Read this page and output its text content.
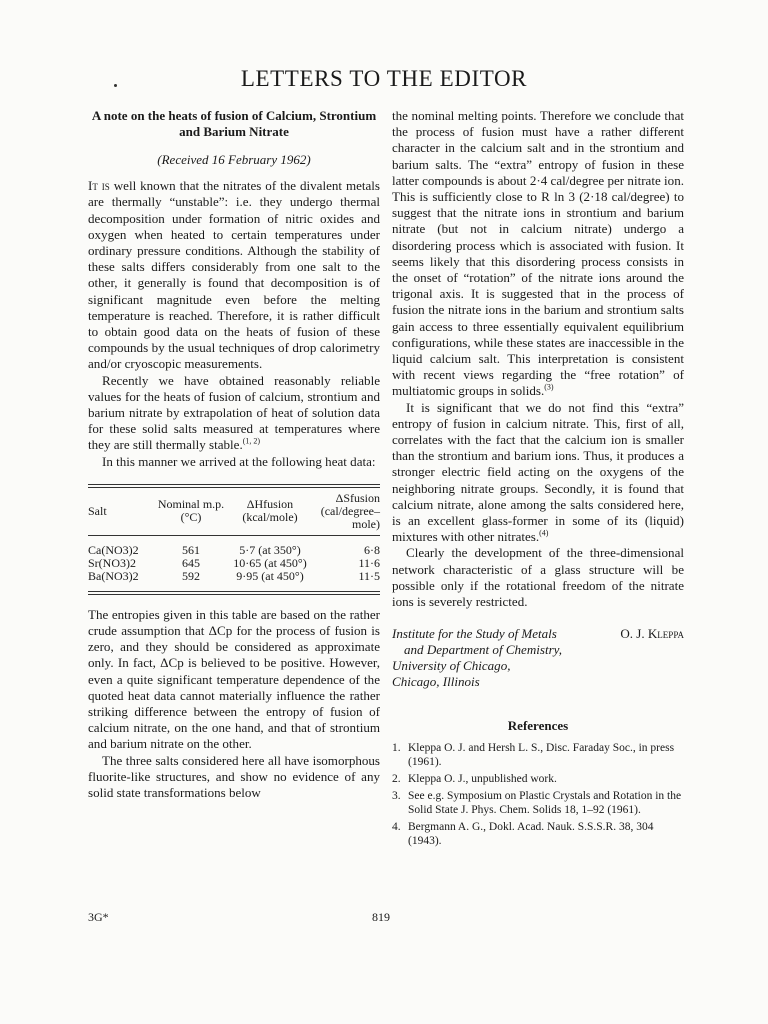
LETTERS TO THE EDITOR
A note on the heats of fusion of Calcium, Strontium and Barium Nitrate
(Received 16 February 1962)

It is well known that the nitrates of the divalent metals are thermally “unstable”: i.e. they undergo thermal decomposition under formation of nitric oxides and oxygen when heated to certain temperatures under ordinary pressure conditions. Although the stability of these salts differs considerably from one salt to the other, it generally is found that decomposition is of significant magnitude even before the melting temperature is reached. Therefore, it is rather difficult to obtain good data on the heats of fusion of these compounds by the usual techniques of drop calorimetry and/or cryoscopic measurements.

Recently we have obtained reasonably reliable values for the heats of fusion of calcium, strontium and barium nitrate by extrapolation of heat of solution data for these solid salts measured at temperatures where they are still thermally stable.$^{(1, 2)}$

In this manner we arrived at the following heat data:

Salt	Nominal m.p. (°C)	ΔHfusion (kcal/mole)	ΔSfusion (cal/degree–mole)

Ca(NO3)2	561	5·7 (at 350°)	6·8
Sr(NO3)2	645	10·65 (at 450°)	11·6
Ba(NO3)2	592	9·95 (at 450°)	11·5

The entropies given in this table are based on the rather crude assumption that ΔCp for the process of fusion is zero, and they should be considered as approximate only. In fact, ΔCp is believed to be positive. However, even a quite significant temperature dependence of the quoted heat data cannot materially influence the rather striking difference between the entropy of fusion of calcium nitrate, on the one hand, and that of strontium and barium nitrate on the other.

The three salts considered here all have isomorphous fluorite-like structures, and show no evidence of any solid state transformations below

the nominal melting points. Therefore we conclude that the process of fusion must have a rather different character in the calcium salt and in the strontium and barium salts. The “extra” entropy of fusion in these latter compounds is about 2·4 cal/degree per nitrate ion. This is sufficiently close to R ln 3 (2·18 cal/degree) to suggest that the nitrate ions in strontium and barium nitrate (but not in calcium nitrate) undergo a disordering process which is associated with fusion. It seems likely that this disordering process consists in the onset of “rotation” of the nitrate ions around the trigonal axis. It is suggested that in the process of fusion the nitrate ions in the barium and strontium salts gain access to three essentially equivalent equilibrium configurations, while these states are inaccessible in the liquid calcium salt. This interpretation is consistent with recent views regarding the “free rotation” of multiatomic groups in solids.$^{(3)}$

It is significant that we do not find this “extra” entropy of fusion in calcium nitrate. This, first of all, correlates with the fact that the calcium ion is smaller than the strontium and barium ions. Thus, it produces a stronger electric field acting on the oxygens of the neighboring nitrate groups. Secondly, it is found that calcium nitrate, alone among the salts considered here, is an excellent glass-former in some of its (liquid) mixtures with other nitrates.$^{(4)}$

Clearly the development of the three-dimensional network characteristic of a glass structure will be possible only if the rotational freedom of the nitrate ions is severely restricted.

Institute for the Study of Metals
and Department of Chemistry,
University of Chicago,
Chicago, Illinois
O. J. Kleppa
References
1. Kleppa O. J. and Hersh L. S., Disc. Faraday Soc., in press (1961).
2. Kleppa O. J., unpublished work.
3. See e.g. Symposium on Plastic Crystals and Rotation in the Solid State J. Phys. Chem. Solids 18, 1–92 (1961).
4. Bergmann A. G., Dokl. Acad. Nauk. S.S.S.R. 38, 304 (1943).
3G*	819
